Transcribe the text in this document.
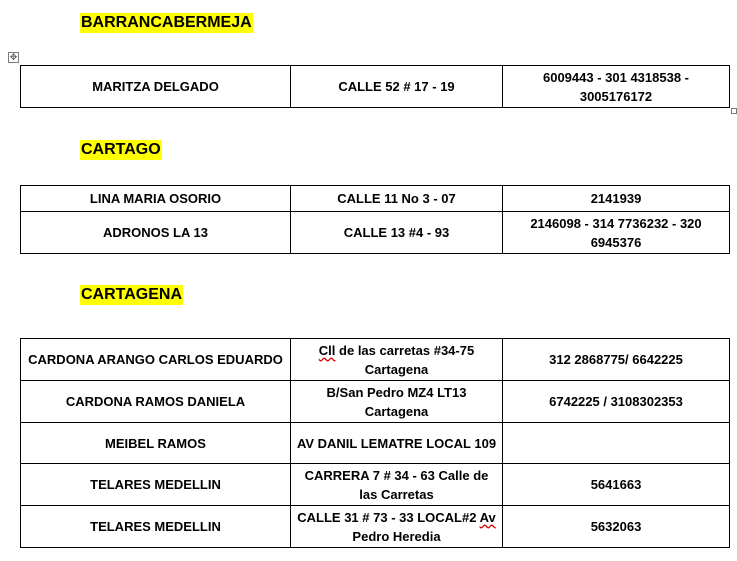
BARRANCABERMEJA
✥
MARITZA DELGADO	CALLE 52 # 17 - 19	6009443 - 301 4318538 - 3005176172
CARTAGO
LINA MARIA OSORIO	CALLE 11 No 3 - 07	2141939
ADRONOS LA 13	CALLE 13 #4 - 93	2146098 - 314 7736232 - 320 6945376
CARTAGENA
CARDONA ARANGO CARLOS EDUARDO	Cll de las carretas #34-75 Cartagena	312 2868775/ 6642225
CARDONA RAMOS DANIELA	B/San Pedro MZ4 LT13 Cartagena	6742225 / 3108302353
MEIBEL RAMOS	AV DANIL LEMATRE LOCAL 109	
TELARES MEDELLIN	CARRERA 7 # 34 - 63 Calle de las Carretas	5641663
TELARES MEDELLIN	CALLE 31 # 73 - 33 LOCAL#2 Av Pedro Heredia	5632063
